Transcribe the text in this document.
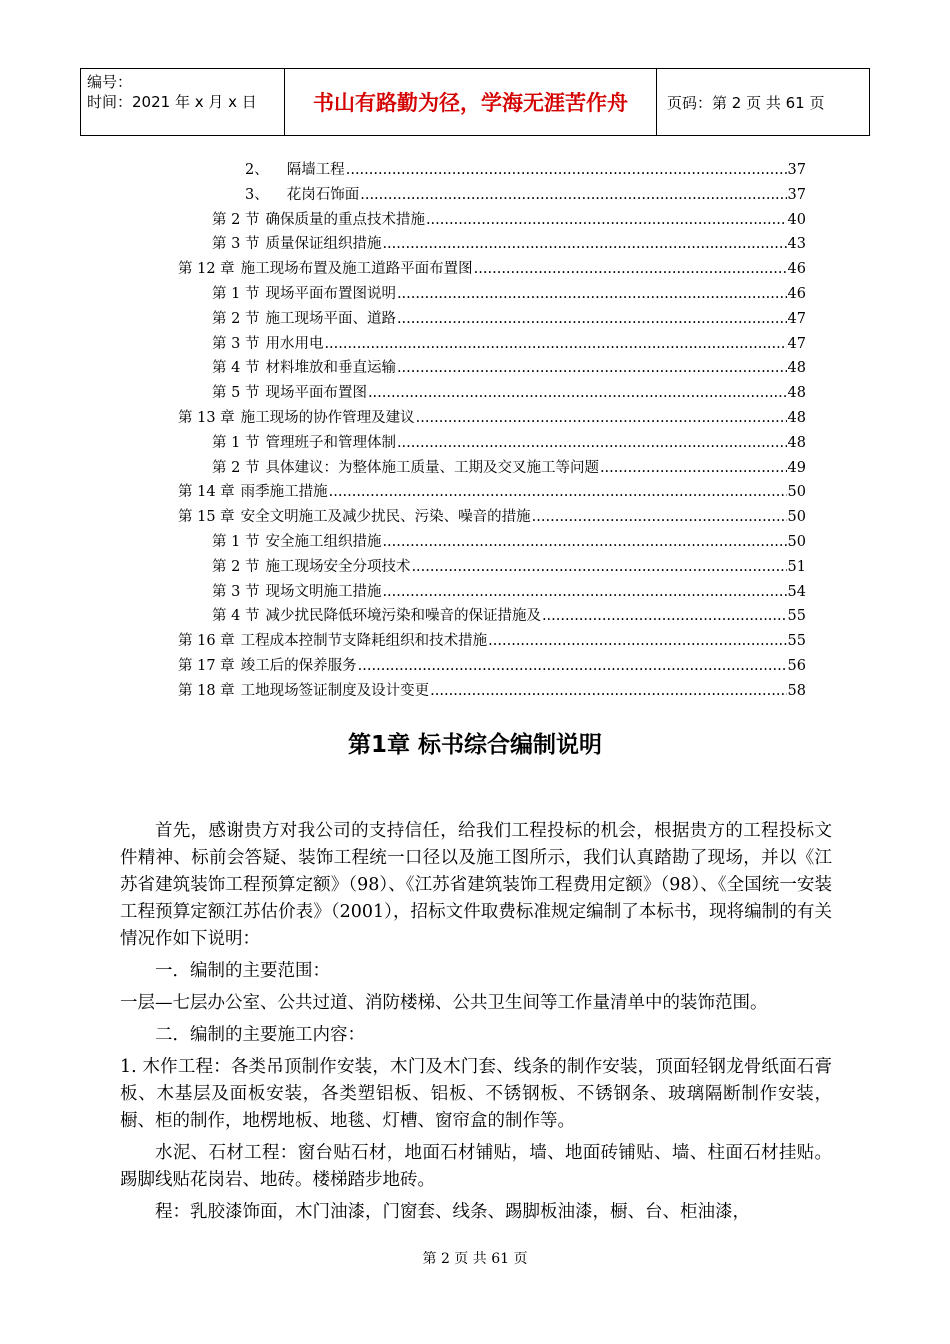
编号：
时间：2021 年 x 月 x 日	书山有路勤为径，学海无涯苦作舟	页码：第 2 页 共 61 页
2、 隔墙工程 .....	37
3、 花岗石饰面 .....	37
第 2 节 确保质量的重点技术措施 .....	40
第 3 节 质量保证组织措施 .....	43
第 12 章 施工现场布置及施工道路平面布置图 .....	46
第 1 节 现场平面布置图说明 .....	46
第 2 节 施工现场平面、道路 .....	47
第 3 节 用水用电 .....	47
第 4 节 材料堆放和垂直运输 .....	48
第 5 节 现场平面布置图 .....	48
第 13 章 施工现场的协作管理及建议 .....	48
第 1 节 管理班子和管理体制 .....	48
第 2 节 具体建议：为整体施工质量、工期及交叉施工等问题 .....	49
第 14 章 雨季施工措施 .....	50
第 15 章 安全文明施工及减少扰民、污染、噪音的措施 .....	50
第 1 节 安全施工组织措施 .....	50
第 2 节 施工现场安全分项技术 .....	51
第 3 节 现场文明施工措施 .....	54
第 4 节 减少扰民降低环境污染和噪音的保证措施及 .....	55
第 16 章 工程成本控制节支降耗组织和技术措施 .....	55
第 17 章 竣工后的保养服务 .....	56
第 18 章 工地现场签证制度及设计变更 .....	58
第1章 标书综合编制说明

首先，感谢贵方对我公司的支持信任，给我们工程投标的机会，根据贵方的工程投标文件精神、标前会答疑、装饰工程统一口径以及施工图所示，我们认真踏勘了现场，并以《江苏省建筑装饰工程预算定额》（98）、《江苏省建筑装饰工程费用定额》（98）、《全国统一安装工程预算定额江苏估价表》（2001），招标文件取费标准规定编制了本标书，现将编制的有关情况作如下说明：

一．编制的主要范围：

一层—七层办公室、公共过道、消防楼梯、公共卫生间等工作量清单中的装饰范围。

二．编制的主要施工内容：

1. 木作工程：各类吊顶制作安装，木门及木门套、线条的制作安装，顶面轻钢龙骨纸面石膏板、木基层及面板安装，各类塑铝板、铝板、不锈钢板、不锈钢条、玻璃隔断制作安装，橱、柜的制作，地楞地板、地毯、灯槽、窗帘盒的制作等。

水泥、石材工程：窗台贴石材，地面石材铺贴，墙、地面砖铺贴、墙、柱面石材挂贴。踢脚线贴花岗岩、地砖。楼梯踏步地砖。

程：乳胶漆饰面，木门油漆，门窗套、线条、踢脚板油漆，橱、台、柜油漆，

第 2 页 共 61 页
